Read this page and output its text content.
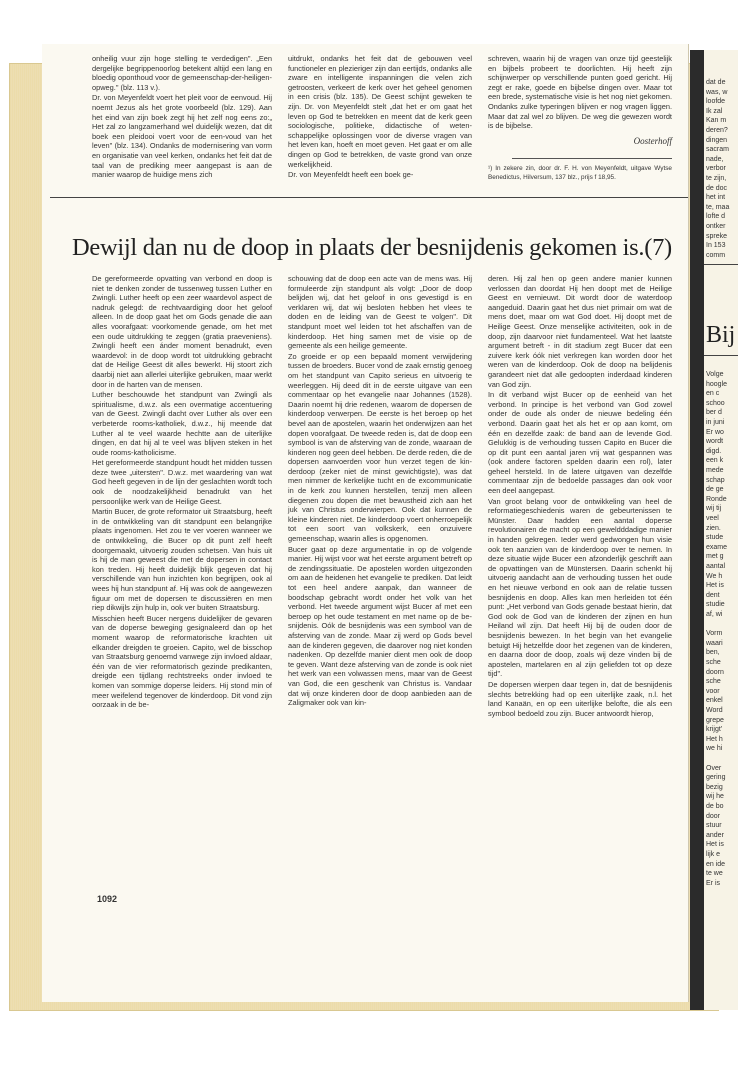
onheilig vuur zijn hoge stelling te verdedigen". „Een dergelijke begrippenoorlog betekent altijd een lang en bloedig oponthoud voor de gemeenschap-der-heiligen-opweg." (blz. 113 v.).

Dr. von Meyenfeldt voert het pleit voor de eenvoud. Hij noemt Jezus als het grote voorbeeld (blz. 129). Aan het eind van zijn boek zegt hij het zelf nog eens zo:„ Het zal zo langzamerhand wel duidelijk wezen, dat dit boek een pleidooi voert voor de een-voud van het leven" (blz. 134). Ondanks de modernisering van vorm en organisatie van veel kerken, ondanks het feit dat de taal van de prediking meer aangepast is aan de manier waarop de huidige mens zich

uitdrukt, ondanks het feit dat de gebouwen veel functioneler en plezieriger zijn dan eertijds, ondanks alle zware en intelligente inspanningen die velen zich getroosten, verkeert de kerk over het geheel genomen in een crisis (blz. 135). De Geest schijnt geweken te zijn. Dr. von Meyenfeldt stelt „dat het er om gaat het leven op God te betrekken en meent dat de kerk geen sociologische, politieke, didactische of wetenschappelijke oplossingen voor de diverse vragen van het leven kan, hoeft en moet geven. Het gaat er om alle dingen op God te betrekken, de vaste grond van onze werkelijkheid.

Dr. von Meyenfeldt heeft een boek ge-

schreven, waarin hij de vragen van onze tijd geestelijk en bijbels probeert te doorlichten. Hij heeft zijn schijnwerper op verschillende punten goed gericht. Hij zegt er rake, goede en bijbelse dingen over. Maar tot een brede, systematische visie is het nog niet gekomen. Ondanks zulke typeringen blijven er nog vragen liggen. Maar dat zal wel zo blijven. De weg die gewezen wordt is de bijbelse.

Oosterhoff

¹) In zekere zin, door dr. F. H. von Meyenfeldt, uitgave Wytse Benedictus, Hilversum, 137 blz., prijs f 18,95.

Dewijl dan nu de doop in plaats der besnijdenis gekomen is.(7)

De gereformeerde opvatting van verbond en doop is niet te denken zonder de tussenweg tussen Luther en Zwingli. Luther heeft op een zeer waardevol aspect de nadruk gelegd: de rechtvaardiging door het geloof alleen. In de doop gaat het om Gods genade die aan alles voorafgaat: voorkomende genade, om het met een oude uitdrukking te zeggen (gratia praeveniens). Zwingli heeft een ánder moment benadrukt, even waardevol: in de doop wordt tot uitdrukking gebracht dat de Heilige Geest dit alles bewerkt. Hij stoort zich daarbij niet aan allerlei uiterlijke gebruiken, maar werkt door in de harten van de mensen.

Luther beschouwde het standpunt van Zwingli als spiritualisme, d.w.z. als een overmatige accentuering van de Geest. Zwingli dacht over Luther als over een verbeterde rooms-katholiek, d.w.z., hij meende dat Luther al te veel waarde hechtte aan de uiterlijke dingen, en dat hij al te veel was blijven steken in het oude rooms-katholicisme.

Het gereformeerde standpunt houdt het midden tussen deze twee „uitersten". D.w.z. met waardering van wat God heeft gegeven in de lijn der geslachten wordt toch ook de noodzakelijkheid benadrukt van het persoonlijke werk van de Heilige Geest.

Martin Bucer, de grote reformator uit Straatsburg, heeft in de ontwikkeling van dit standpunt een belangrijke plaats ingenomen. Het zou te ver voeren wanneer we de ontwikkeling, die Bucer op dit punt zelf heeft doorgemaakt, uitvoerig zouden schetsen. Van huis uit is hij de man geweest die met de dopersen in contact kon treden. Hij heeft duidelijk blijk gegeven dat hij verschillende van hun inzichten kon begrijpen, ook al wees hij hun standpunt af. Hij was ook de aangewezen figuur om met de dopersen te discussiëren en men riep dikwijls zijn hulp in, ook ver buiten Straatsburg.

Misschien heeft Bucer nergens duidelijker de gevaren van de doperse beweging gesignaleerd dan op het moment waarop de reformatorische krachten uit elkander dreigden te groeien. Capito, wel de bisschop van Straatsburg genoemd vanwege zijn invloed aldaar, één van de vier reformatorisch gezinde predikanten, dreigde een tijdlang rechtstreeks onder invloed te komen van sommige doperse leiders. Hij stond min of meer weifelend tegenover de kinderdoop. Dit vond zijn oorzaak in de be-

schouwing dat de doop een acte van de mens was. Hij formuleerde zijn standpunt als volgt: „Door de doop belijden wij, dat het geloof in ons gevestigd is en verklaren wij, dat wij besloten hebben het vlees te doden en de leiding van de Geest te volgen". Dit standpunt moet wel leiden tot het afschaffen van de kinderdoop. Het hing samen met de visie op de gemeente als een heilige gemeente.

Zo groeide er op een bepaald moment verwijdering tussen de broeders. Bucer vond de zaak ernstig genoeg om het standpunt van Capito serieus en uitvoerig te weerleggen. Hij deed dit in de eerste uitgave van een commentaar op het evangelie naar Johannes (1528). Daarin noemt hij drie redenen, waarom de dopersen de kinderdoop verwerpen. De eerste is het beroep op het bevel aan de apostelen, waarin het onderwijzen aan het dopen voorafgaat. De tweede reden is, dat de doop een symbool is van de afsterving van de zonde, waaraan de kinderen nog geen deel hebben. De derde reden, die de dopersen aanvoerden voor hun verzet tegen de kinderdoop (zeker niet de minst gewichtigste), was dat men nimmer de kerkelijke tucht en de excommunicatie in de kerk zou kunnen herstellen, tenzij men alleen diegenen zou dopen die met bewustheid zich aan het juk van Christus onderwierpen. Ook dat kunnen de kleine kinderen niet. De kinderdoop voert onherroepelijk tot een soort van volkskerk, een onzuivere gemeenschap, waarin alles is opgenomen.

Bucer gaat op deze argumentatie in op de volgende manier. Hij wijst voor wat het eerste argument betreft op de zendingssituatie. De apostelen worden uitgezonden om aan de heidenen het evangelie te prediken. Dat leidt tot een heel andere aanpak, dan wanneer de boodschap gebracht wordt onder het volk van het verbond. Het tweede argument wijst Bucer af met een beroep op het oude testament en met name op de besnijdenis. Oók de besnijdenis was een symbool van de afsterving van de zonde. Maar zij werd op Gods bevel aan de kinderen gegeven, die daarover nog niet konden nadenken. Op dezelfde manier dient men ook de doop te geven. Want deze afsterving van de zonde is ook niet het werk van een volwassen mens, maar van de Geest van God, die een geschenk van Christus is. Vandaar dat wij onze kinderen door de doop aanbieden aan de Zaligmaker ook van kin-

deren. Hij zal hen op geen andere manier kunnen verlossen dan doordat Hij hen doopt met de Heilige Geest en vernieuwt. Dit wordt door de waterdoop aangeduid. Daarin gaat het dus niet primair om wat de mens doet, maar om wat God doet. Hij doopt met de Heilige Geest. Onze menselijke activiteiten, ook in de doop, zijn daarvoor niet fundamenteel. Wat het laatste argument betreft - in dit stadium zegt Bucer dat een zuivere kerk óók niet verkregen kan worden door het weren van de kinderdoop. Ook de doop na belijdenis garandeert niet dat alle gedoopten inderdaad kinderen van God zijn.

In dit verband wijst Bucer op de eenheid van het verbond. In principe is het verbond van God zowel onder de oude als onder de nieuwe bedeling één verbond. Daarin gaat het als het er op aan komt, om één en dezelfde zaak: de band aan de levende God. Gelukkig is de verhouding tussen Capito en Bucer die op dit punt een aantal jaren vrij wat gespannen was (ook andere factoren spelden daarin een rol), later geheel hersteld. In de latere uitgaven van dezelfde commentaar zijn de bedoelde passages dan ook voor een deel aangepast.

Van groot belang voor de ontwikkeling van heel de reformatiegeschiedenis waren de gebeurtenissen te Münster. Daar hadden een aantal doperse revolutionairen de macht op een geweldddadige manier in handen gekregen. Ieder werd gedwongen hun visie ook ten aanzien van de kinderdoop over te nemen. In deze situatie wijde Bucer een afzonderlijk geschrift aan de opvattingen van de Münstersen. Daarin schenkt hij uitvoerig aandacht aan de verhouding tussen het oude en het nieuwe verbond en ook aan de relatie tussen besnijdenis en doop. Alles kan men herleiden tot één punt: „Het verbond van Gods genade bestaat hierin, dat God ook de God van de kinderen der zijnen en hun Heiland wil zijn. Dat heeft Hij bij de ouden door de besnijdenis bewezen. In het begin van het evangelie betuigt Hij hetzelfde door het zegenen van de kinderen, en daarna door de doop, zoals wij deze vinden bij de apostelen, martelaren en al zijn geliefden tot op deze tijd".

De dopersen wierpen daar tegen in, dat de besnijdenis slechts betrekking had op een uiterlijke zaak, n.l. het land Kanaän, en op een uiterlijke belofte, die als een symbool bedoeld zou zijn. Bucer antwoordt hierop,

1092
dat de
was, w
loofde
Ik zal
Kan m
deren?
dingen
sacram
nade,
verbor
te zijn,
de doc
het int
te, maa
lofte d
ontker
spreke
In 153
comm
Bij
Volge
hoogle
en c
schoo
ber d
in juni
Er wo
wordt
digd.
een k
mede
schap
de ge
Ronde
wij tij
veel
zien.
stude
exame
met g
aantal
We h
Het is
dent
studie
af, wi
Vorm
waari
ben,
sche
doorn
sche
voor
enkel
Word
grepe
krijgt'
Het h
we hi
Over
gering
bezig
wij he
de bo
door
stuur
ander
Het is
lijk e
en ide
te we
Er is
